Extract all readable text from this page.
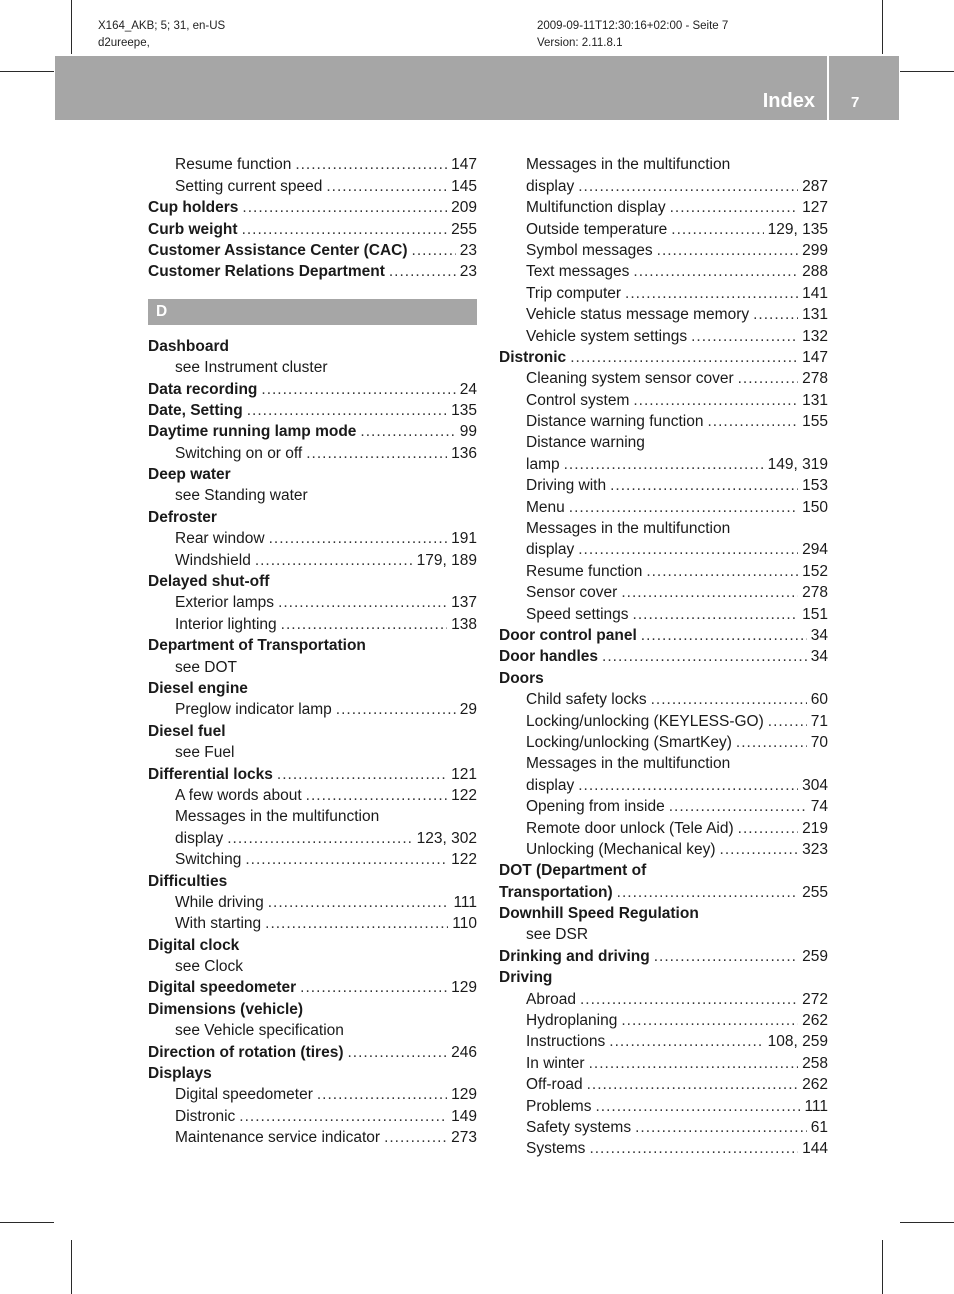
X164_AKB; 5; 31, en-US
d2ureepe,
2009-09-11T12:30:16+02:00 - Seite 7
Version: 2.11.8.1
Index 7
Resume function .....	147
Setting current speed .....	145
Cup holders .....	209
Curb weight .....	255
Customer Assistance Center (CAC) .....	23
Customer Relations Department .....	23
D
Dashboard
see Instrument cluster
Data recording .....	24
Date, Setting .....	135
Daytime running lamp mode .....	99
Switching on or off .....	136
Deep water
see Standing water
Defroster
Rear window .....	191
Windshield .....	179, 189
Delayed shut-off
Exterior lamps .....	137
Interior lighting .....	138
Department of Transportation
see DOT
Diesel engine
Preglow indicator lamp .....	29
Diesel fuel
see Fuel
Differential locks .....	121
A few words about .....	122
Messages in the multifunction
display .....	123, 302
Switching .....	122
Difficulties
While driving .....	111
With starting .....	110
Digital clock
see Clock
Digital speedometer .....	129
Dimensions (vehicle)
see Vehicle specification
Direction of rotation (tires) .....	246
Displays
Digital speedometer .....	129
Distronic .....	149
Maintenance service indicator .....	273
Messages in the multifunction
display .....	287
Multifunction display .....	127
Outside temperature .....	129, 135
Symbol messages .....	299
Text messages .....	288
Trip computer .....	141
Vehicle status message memory .....	131
Vehicle system settings .....	132
Distronic .....	147
Cleaning system sensor cover .....	278
Control system .....	131
Distance warning function .....	155
Distance warning
lamp .....	149, 319
Driving with .....	153
Menu .....	150
Messages in the multifunction
display .....	294
Resume function .....	152
Sensor cover .....	278
Speed settings .....	151
Door control panel .....	34
Door handles .....	34
Doors
Child safety locks .....	60
Locking/unlocking (KEYLESS-GO) .....	71
Locking/unlocking (SmartKey) .....	70
Messages in the multifunction
display .....	304
Opening from inside .....	74
Remote door unlock (Tele Aid) .....	219
Unlocking (Mechanical key) .....	323
DOT (Department of
Transportation) .....	255
Downhill Speed Regulation
see DSR
Drinking and driving .....	259
Driving
Abroad .....	272
Hydroplaning .....	262
Instructions .....	108, 259
In winter .....	258
Off-road .....	262
Problems .....	111
Safety systems .....	61
Systems .....	144
